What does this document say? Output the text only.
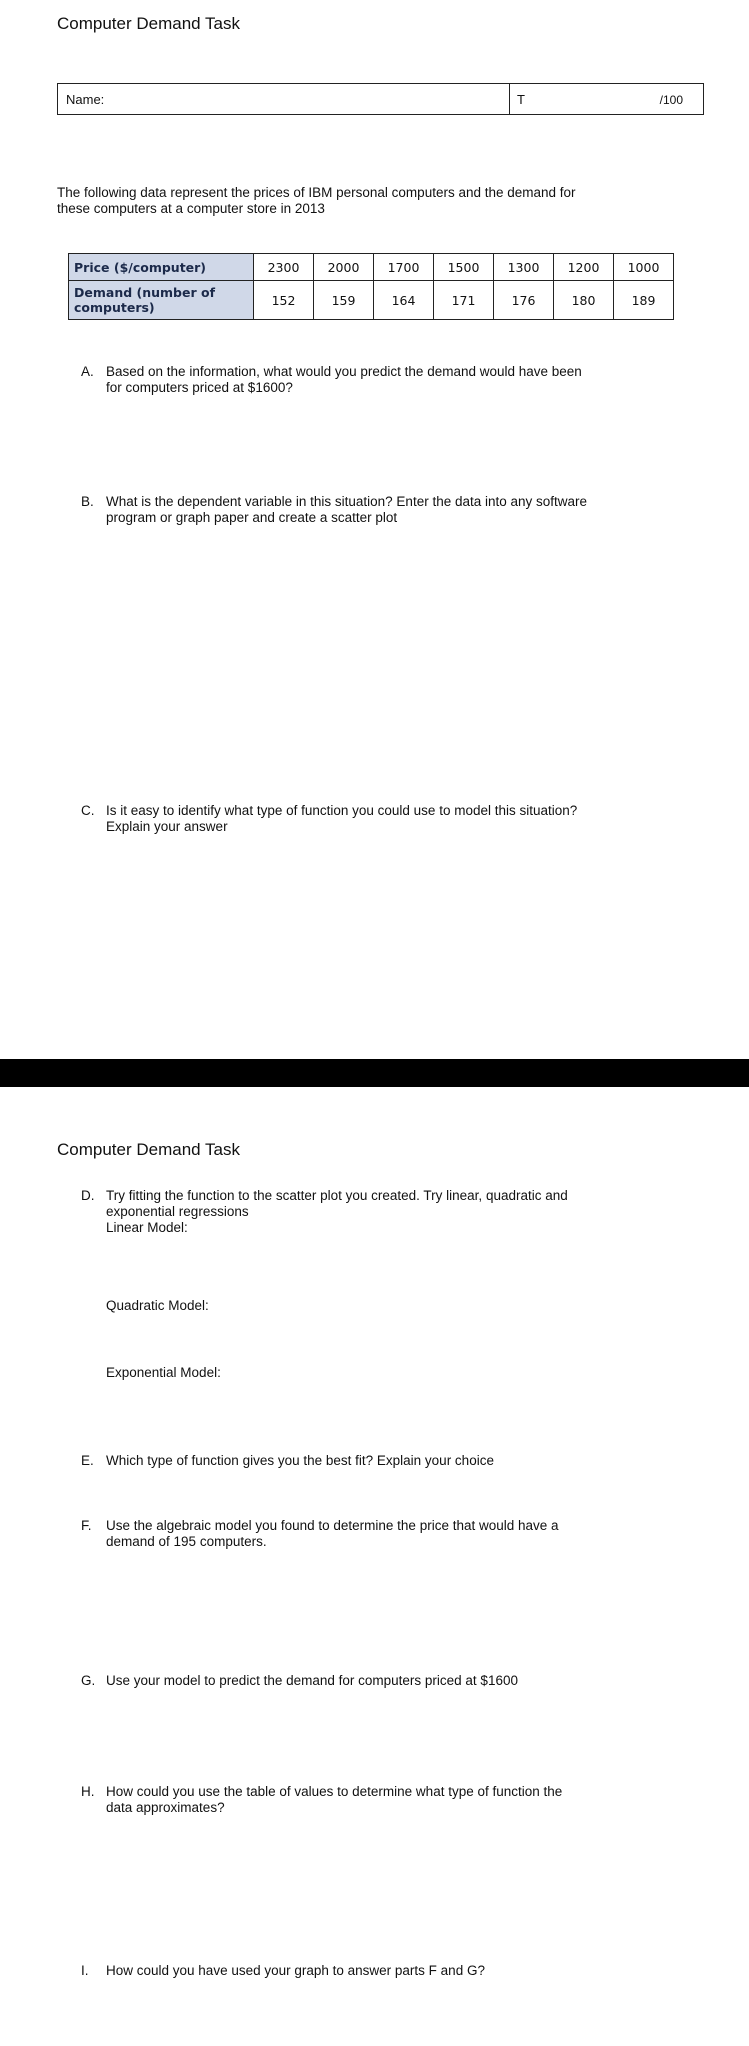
Computer Demand Task
Name:	T	/100
The following data represent the prices of IBM personal computers and the demand for
these computers at a computer store in 2013
Price ($/computer)	2300	2000	1700	1500	1300	1200	1000

Demand (number of
computers)	152	159	164	171	176	180	189
A. Based on the information, what would you predict the demand would have been
for computers priced at $1600?
B. What is the dependent variable in this situation? Enter the data into any software
program or graph paper and create a scatter plot
C. Is it easy to identify what type of function you could use to model this situation?
Explain your answer
Computer Demand Task
D. Try fitting the function to the scatter plot you created. Try linear, quadratic and
exponential regressions
Linear Model:
Quadratic Model:
Exponential Model:
E. Which type of function gives you the best fit? Explain your choice
F. Use the algebraic model you found to determine the price that would have a
demand of 195 computers.
G. Use your model to predict the demand for computers priced at $1600
H. How could you use the table of values to determine what type of function the
data approximates?
I. How could you have used your graph to answer parts F and G?
